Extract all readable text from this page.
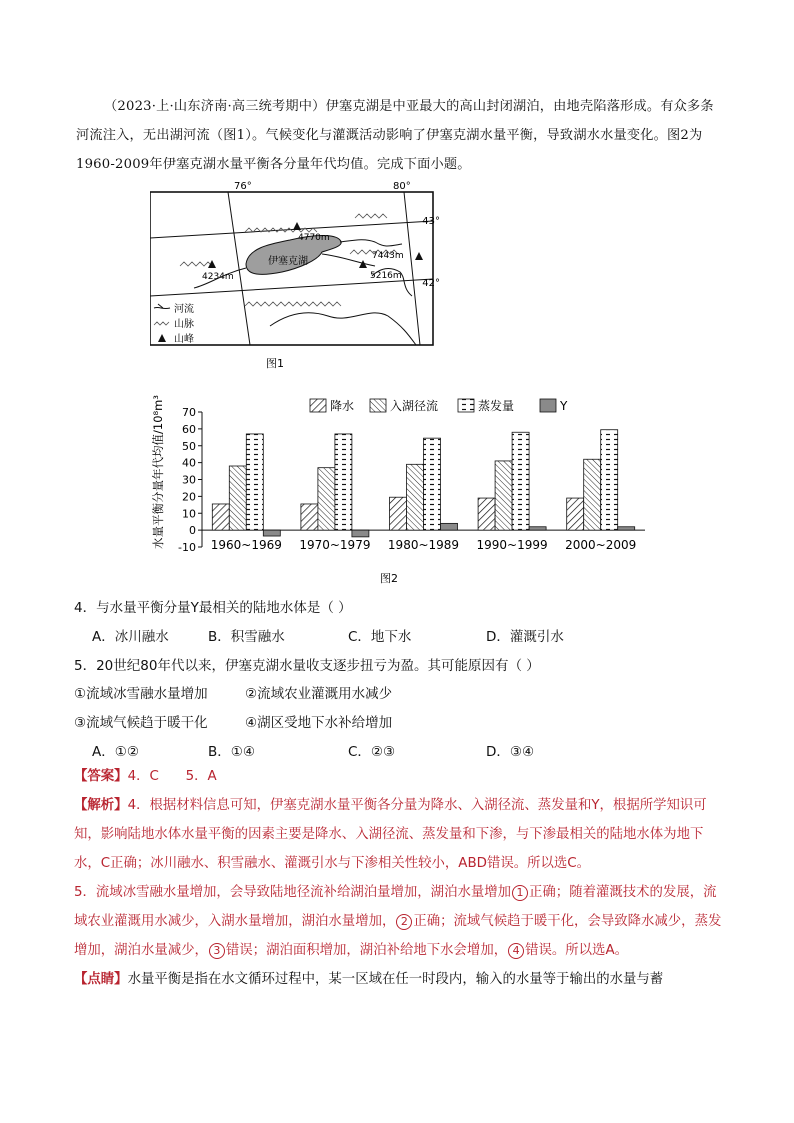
（2023·上·山东济南·高三统考期中）伊塞克湖是中亚最大的高山封闭湖泊，由地壳陷落形成。有众多条河流注入，无出湖河流（图1）。气候变化与灌溉活动影响了伊塞克湖水量平衡，导致湖水水量变化。图2为1960-2009年伊塞克湖水量平衡各分量年代均值。完成下面小题。

76°	80°
43°
42°
伊塞克湖
4770m
4234m
7443m
5216m
河流
山脉
山峰
图1
降水	入湖径流	蒸发量	Y
-10
0
10
20
30
40
50
60
70
1960~1969 1970~1979 1980~1989 1990~1999 2000~2009
水量平衡分量年代均值/10⁸m³
图2
4．与水量平衡分量Y最相关的陆地水体是（ ）
A．冰川融水	B．积雪融水	C．地下水	D．灌溉引水
5．20世纪80年代以来，伊塞克湖水量收支逐步扭亏为盈。其可能原因有（ ）
①流域冰雪融水量增加	②流域农业灌溉用水减少
③流域气候趋于暖干化	④湖区受地下水补给增加
A．①②	B．①④	C．②③	D．③④

【答案】4．C　　5．A

【解析】4．根据材料信息可知，伊塞克湖水量平衡各分量为降水、入湖径流、蒸发量和Y，根据所学知识可知，影响陆地水体水量平衡的因素主要是降水、入湖径流、蒸发量和下渗，与下渗最相关的陆地水体为地下水，C正确；冰川融水、积雪融水、灌溉引水与下渗相关性较小，ABD错误。所以选C。

5．流域冰雪融水量增加，会导致陆地径流补给湖泊量增加，湖泊水量增加 1 正确；随着灌溉技术的发展，流域农业灌溉用水减少，入湖水量增加，湖泊水量增加， 2 正确；流域气候趋于暖干化，会导致降水减少，蒸发增加，湖泊水量减少， 3 错误；湖泊面积增加，湖泊补给地下水会增加， 4 错误。所以选A。

【点睛】水量平衡是指在水文循环过程中，某一区域在任一时段内，输入的水量等于输出的水量与蓄
